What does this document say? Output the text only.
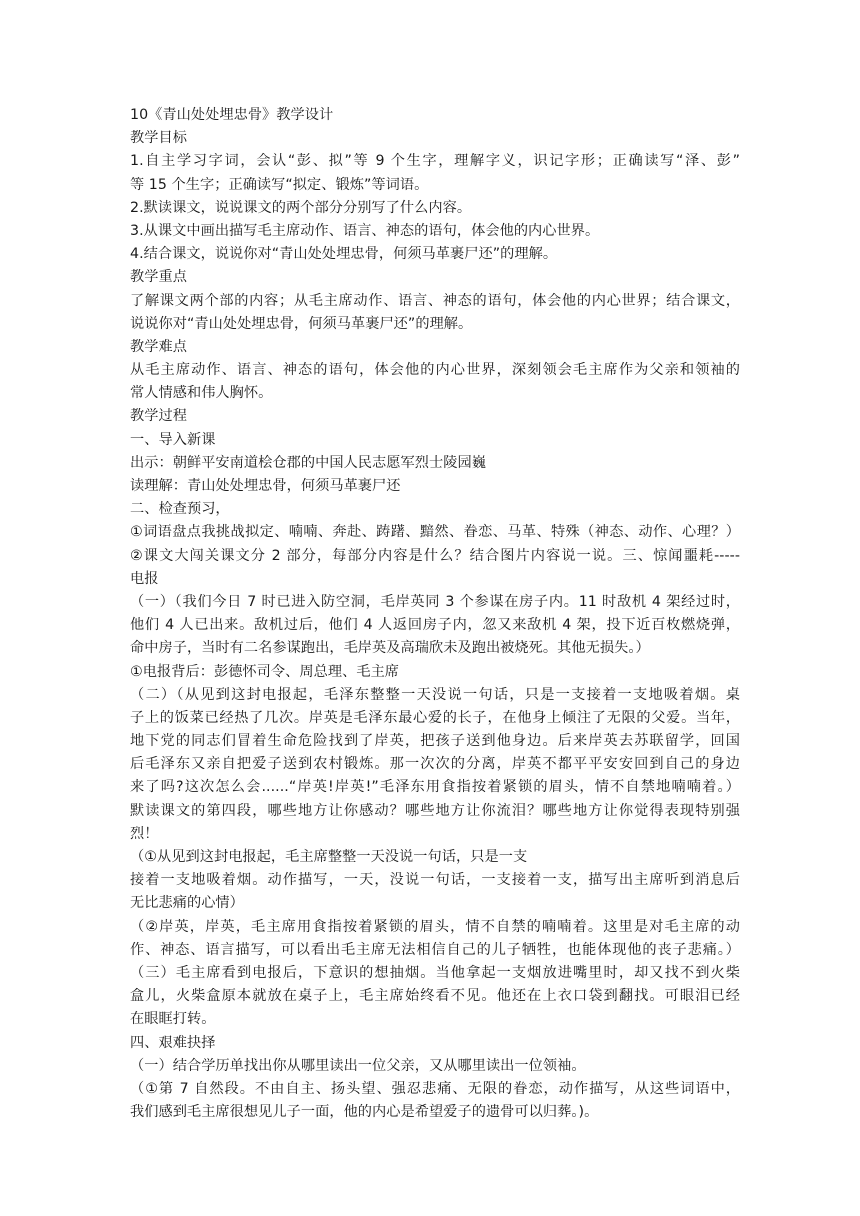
10《青山处处埋忠骨》教学设计
教学目标
1.自主学习字词，会认“彭、拟”等 9 个生字，理解字义，识记字形；正确读写“泽、彭”
等 15 个生字；正确读写“拟定、锻炼”等词语。
2.默读课文，说说课文的两个部分分别写了什么内容。
3.从课文中画出描写毛主席动作、语言、神态的语句，体会他的内心世界。
4.结合课文，说说你对“青山处处埋忠骨，何须马革裹尸还”的理解。
教学重点
了解课文两个部的内容；从毛主席动作、语言、神态的语句，体会他的内心世界；结合课文，
说说你对“青山处处埋忠骨，何须马革裹尸还”的理解。
教学难点
从毛主席动作、语言、神态的语句，体会他的内心世界，深刻领会毛主席作为父亲和领袖的
常人情感和伟人胸怀。
教学过程
一、导入新课
出示：朝鲜平安南道桧仓郡的中国人民志愿军烈士陵园巍
读理解：青山处处埋忠骨，何须马革裹尸还
二、检查预习，
①词语盘点我挑战拟定、喃喃、奔赴、踌躇、黯然、眷恋、马革、特殊（神态、动作、心理？）
②课文大闯关课文分 2 部分，每部分内容是什么？结合图片内容说一说。三、惊闻噩耗-----
电报
（一）（我们今日 7 时已进入防空洞，毛岸英同 3 个参谋在房子内。11 时敌机 4 架经过时，
他们 4 人已出来。敌机过后，他们 4 人返回房子内，忽又来敌机 4 架，投下近百枚燃烧弹，
命中房子，当时有二名参谋跑出，毛岸英及高瑞欣未及跑出被烧死。其他无损失。）
①电报背后：彭德怀司令、周总理、毛主席
（二）（从见到这封电报起，毛泽东整整一天没说一句话，只是一支接着一支地吸着烟。桌
子上的饭菜已经热了几次。岸英是毛泽东最心爱的长子，在他身上倾注了无限的父爱。当年，
地下党的同志们冒着生命危险找到了岸英，把孩子送到他身边。后来岸英去苏联留学，回国
后毛泽东又亲自把爱子送到农村锻炼。那一次次的分离，岸英不都平平安安回到自己的身边
来了吗?这次怎么会......“岸英!岸英!”毛泽东用食指按着紧锁的眉头，情不自禁地喃喃着。）
默读课文的第四段，哪些地方让你感动？哪些地方让你流泪？哪些地方让你觉得表现特别强
烈！
（①从见到这封电报起，毛主席整整一天没说一句话，只是一支
接着一支地吸着烟。动作描写，一天，没说一句话，一支接着一支，描写出主席听到消息后
无比悲痛的心情）
（②岸英，岸英，毛主席用食指按着紧锁的眉头，情不自禁的喃喃着。这里是对毛主席的动
作、神态、语言描写，可以看出毛主席无法相信自己的儿子牺牲，也能体现他的丧子悲痛。）
（三）毛主席看到电报后，下意识的想抽烟。当他拿起一支烟放进嘴里时，却又找不到火柴
盒儿，火柴盒原本就放在桌子上，毛主席始终看不见。他还在上衣口袋到翻找。可眼泪已经
在眼眶打转。
四、艰难抉择
（一）结合学历单找出你从哪里读出一位父亲，又从哪里读出一位领袖。
（①第 7 自然段。不由自主、扬头望、强忍悲痛、无限的眷恋，动作描写，从这些词语中，
我们感到毛主席很想见儿子一面，他的内心是希望爱子的遗骨可以归葬。)。
